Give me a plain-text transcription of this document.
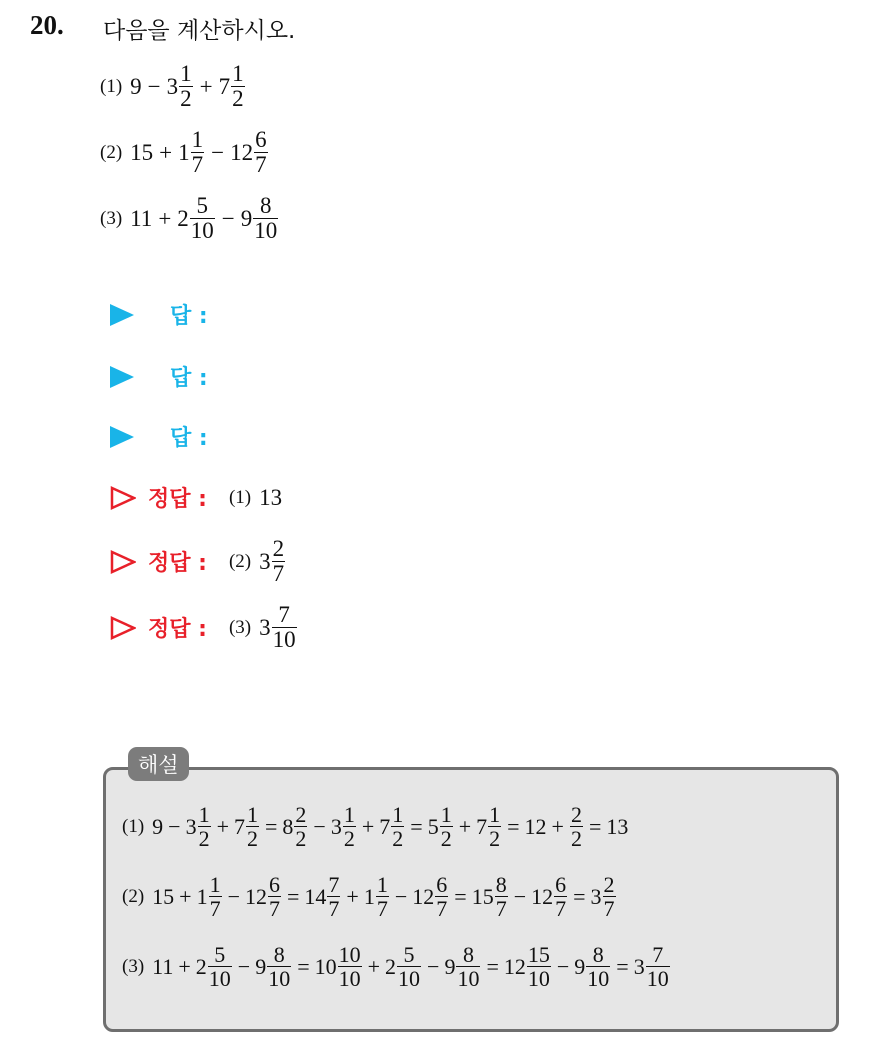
20. 다음을 계산하시오.
(1) $9 - 3 \frac{1}{2} + 7 \frac{1}{2}$
(2) $15 + 1 \frac{1}{7} - 12 \frac{6}{7}$
(3) $11 + 2 \frac{5}{10} - 9 \frac{8}{10}$
답 :
답 :
답 :
정답 : (1) 13
정답 : (2) $3 \frac{2}{7}$
정답 : (3) $3 \frac{7}{10}$
해설
(1) $9 - 3 \frac{1}{2} + 7 \frac{1}{2} = 8 \frac{2}{2} - 3 \frac{1}{2} + 7 \frac{1}{2} = 5 \frac{1}{2} + 7 \frac{1}{2} = 12 + \frac{2}{2} = 13$
(2) $15 + 1 \frac{1}{7} - 12 \frac{6}{7} = 14 \frac{7}{7} + 1 \frac{1}{7} - 12 \frac{6}{7} = 15 \frac{8}{7} - 12 \frac{6}{7} = 3 \frac{2}{7}$
(3) $11 + 2 \frac{5}{10} - 9 \frac{8}{10} = 10 \frac{10}{10} + 2 \frac{5}{10} - 9 \frac{8}{10} = 12 \frac{15}{10} - 9 \frac{8}{10} = 3 \frac{7}{10}$
